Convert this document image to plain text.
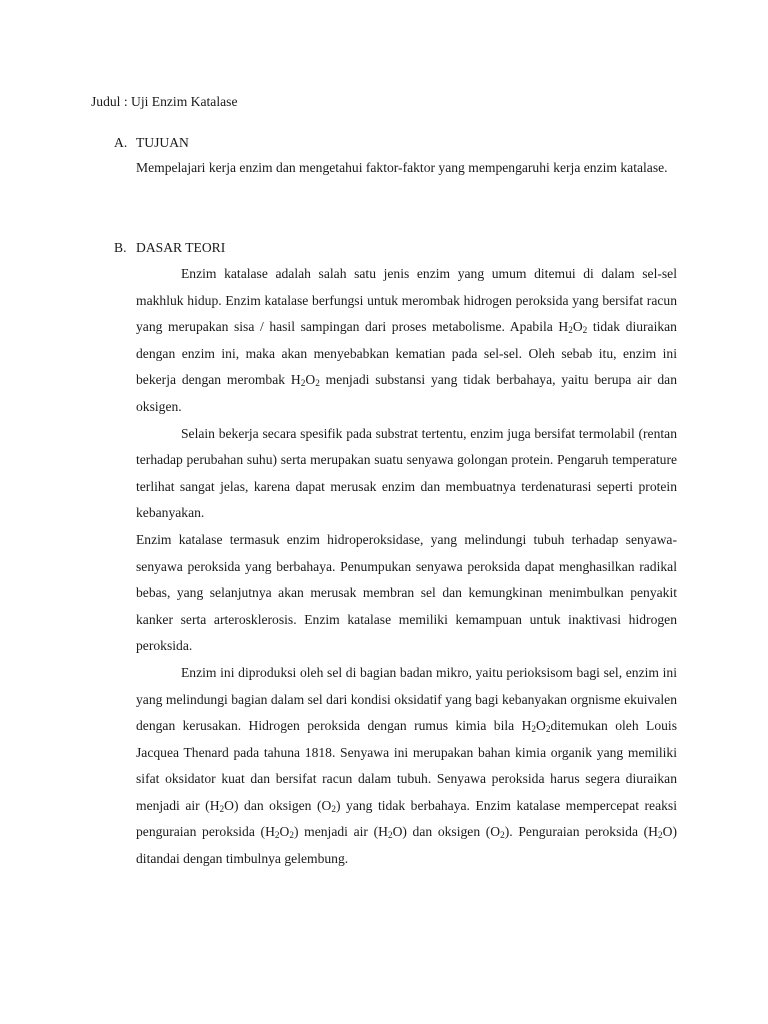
Judul : Uji Enzim Katalase
A. TUJUAN

Mempelajari kerja enzim dan mengetahui faktor-faktor yang mempengaruhi kerja enzim katalase.

B. DASAR TEORI

Enzim katalase adalah salah satu jenis enzim yang umum ditemui di dalam sel-sel makhluk hidup. Enzim katalase berfungsi untuk merombak hidrogen peroksida yang bersifat racun yang merupakan sisa / hasil sampingan dari proses metabolisme. Apabila $H_2O_2$ tidak diuraikan dengan enzim ini, maka akan menyebabkan kematian pada sel-sel. Oleh sebab itu, enzim ini bekerja dengan merombak $H_2O_2$ menjadi substansi yang tidak berbahaya, yaitu berupa air dan oksigen.

Selain bekerja secara spesifik pada substrat tertentu, enzim juga bersifat termolabil (rentan terhadap perubahan suhu) serta merupakan suatu senyawa golongan protein. Pengaruh temperature terlihat sangat jelas, karena dapat merusak enzim dan membuatnya terdenaturasi seperti protein kebanyakan.

Enzim katalase termasuk enzim hidroperoksidase, yang melindungi tubuh terhadap senyawa-senyawa peroksida yang berbahaya. Penumpukan senyawa peroksida dapat menghasilkan radikal bebas, yang selanjutnya akan merusak membran sel dan kemungkinan menimbulkan penyakit kanker serta arterosklerosis. Enzim katalase memiliki kemampuan untuk inaktivasi hidrogen peroksida.

Enzim ini diproduksi oleh sel di bagian badan mikro, yaitu perioksisom bagi sel, enzim ini yang melindungi bagian dalam sel dari kondisi oksidatif yang bagi kebanyakan orgnisme ekuivalen dengan kerusakan. Hidrogen peroksida dengan rumus kimia bila $H_2O_2ditemukan$ oleh Louis Jacquea Thenard pada tahuna 1818. Senyawa ini merupakan bahan kimia organik yang memiliki sifat oksidator kuat dan bersifat racun dalam tubuh. Senyawa peroksida harus segera diuraikan menjadi air $(H_2O)$ dan oksigen $(O_2)$ yang tidak berbahaya. Enzim katalase mempercepat reaksi penguraian peroksida $(H_2O_2)$ menjadi air $(H_2O)$ dan oksigen $(O_2)$. Penguraian peroksida $(H_2O)$ ditandai dengan timbulnya gelembung.
